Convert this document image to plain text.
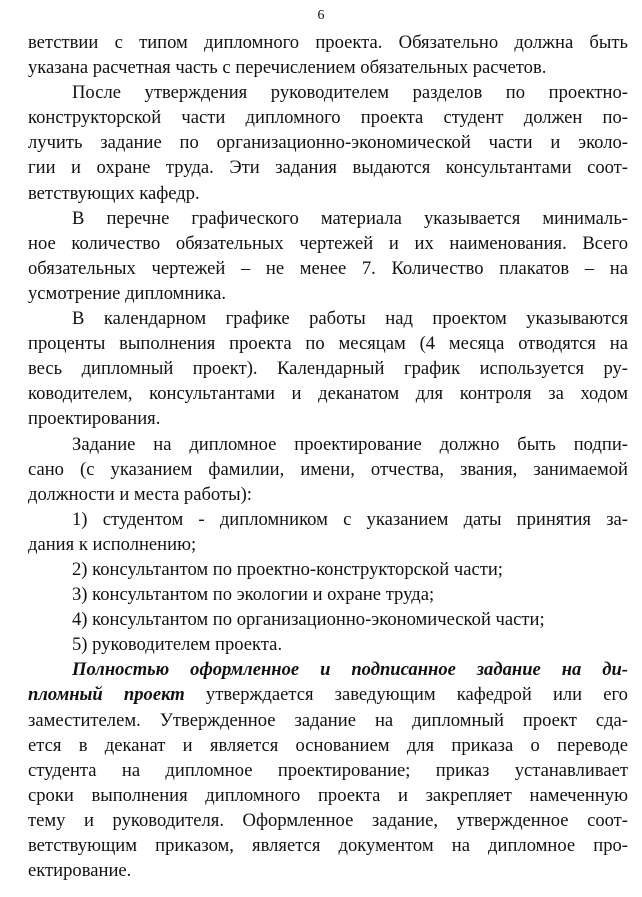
6
ветствии с типом дипломного проекта. Обязательно должна быть
указана расчетная часть с перечислением обязательных расчетов.
После утверждения руководителем разделов по проектно-
конструкторской части дипломного проекта студент должен по-
лучить задание по организационно-экономической части и эколо-
гии и охране труда. Эти задания выдаются консультантами соот-
ветствующих кафедр.
В перечне графического материала указывается минималь-
ное количество обязательных чертежей и их наименования. Всего
обязательных чертежей – не менее 7. Количество плакатов – на
усмотрение дипломника.
В календарном графике работы над проектом указываются
проценты выполнения проекта по месяцам (4 месяца отводятся на
весь дипломный проект). Календарный график используется ру-
ководителем, консультантами и деканатом для контроля за ходом
проектирования.
Задание на дипломное проектирование должно быть подпи-
сано (с указанием фамилии, имени, отчества, звания, занимаемой
должности и места работы):
1) студентом - дипломником с указанием даты принятия за-
дания к исполнению;
2) консультантом по проектно-конструкторской части;
3) консультантом по экологии и охране труда;
4) консультантом по организационно-экономической части;
5) руководителем проекта.
Полностью оформленное и подписанное задание на ди-
пломный проект утверждается заведующим кафедрой или его
заместителем. Утвержденное задание на дипломный проект сда-
ется в деканат и является основанием для приказа о переводе
студента на дипломное проектирование; приказ устанавливает
сроки выполнения дипломного проекта и закрепляет намеченную
тему и руководителя. Оформленное задание, утвержденное соот-
ветствующим приказом, является документом на дипломное про-
ектирование.
